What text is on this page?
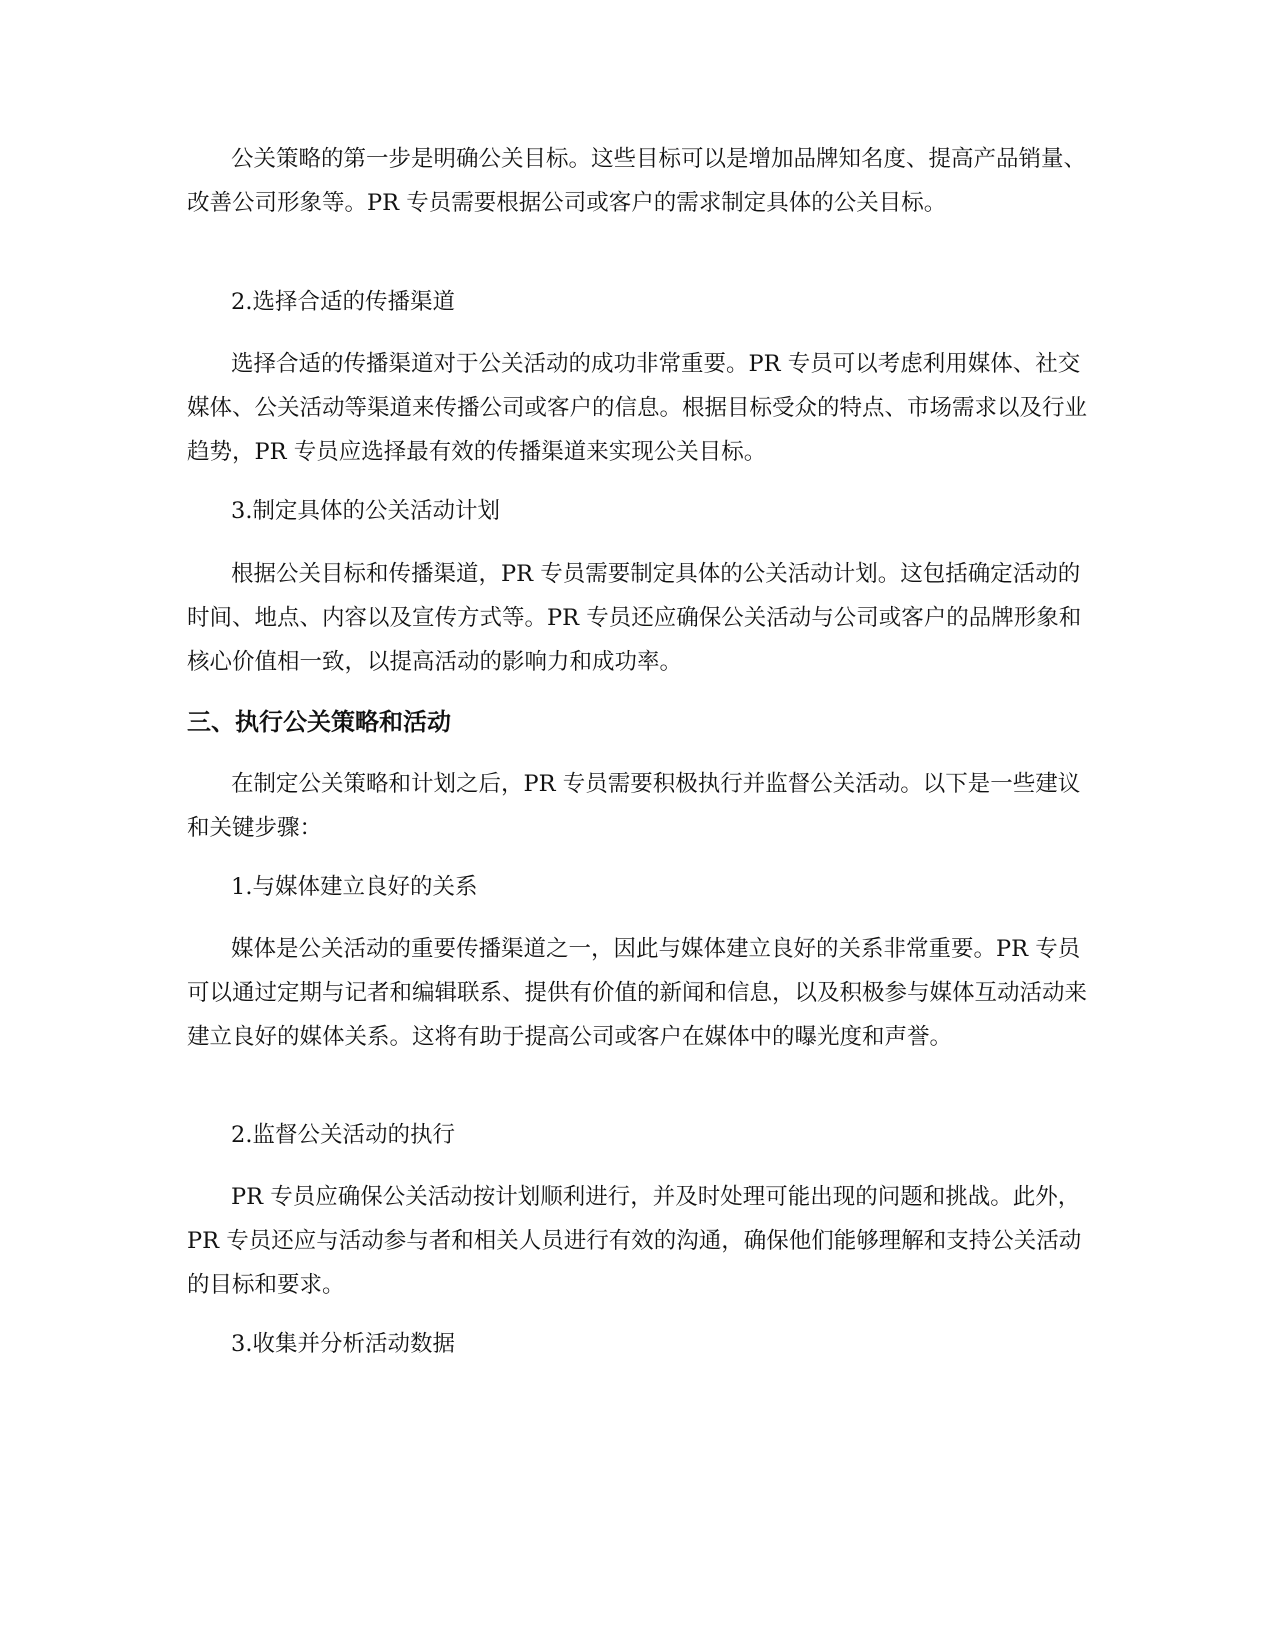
公关策略的第一步是明确公关目标。这些目标可以是增加品牌知名度、提高产品销量、改善公司形象等。PR 专员需要根据公司或客户的需求制定具体的公关目标。

2.选择合适的传播渠道

选择合适的传播渠道对于公关活动的成功非常重要。PR 专员可以考虑利用媒体、社交媒体、公关活动等渠道来传播公司或客户的信息。根据目标受众的特点、市场需求以及行业趋势，PR 专员应选择最有效的传播渠道来实现公关目标。

3.制定具体的公关活动计划

根据公关目标和传播渠道，PR 专员需要制定具体的公关活动计划。这包括确定活动的时间、地点、内容以及宣传方式等。PR 专员还应确保公关活动与公司或客户的品牌形象和核心价值相一致，以提高活动的影响力和成功率。

三、执行公关策略和活动

在制定公关策略和计划之后，PR 专员需要积极执行并监督公关活动。以下是一些建议和关键步骤：

1.与媒体建立良好的关系

媒体是公关活动的重要传播渠道之一，因此与媒体建立良好的关系非常重要。PR 专员可以通过定期与记者和编辑联系、提供有价值的新闻和信息，以及积极参与媒体互动活动来建立良好的媒体关系。这将有助于提高公司或客户在媒体中的曝光度和声誉。

2.监督公关活动的执行

PR 专员应确保公关活动按计划顺利进行，并及时处理可能出现的问题和挑战。此外，PR 专员还应与活动参与者和相关人员进行有效的沟通，确保他们能够理解和支持公关活动的目标和要求。

3.收集并分析活动数据
